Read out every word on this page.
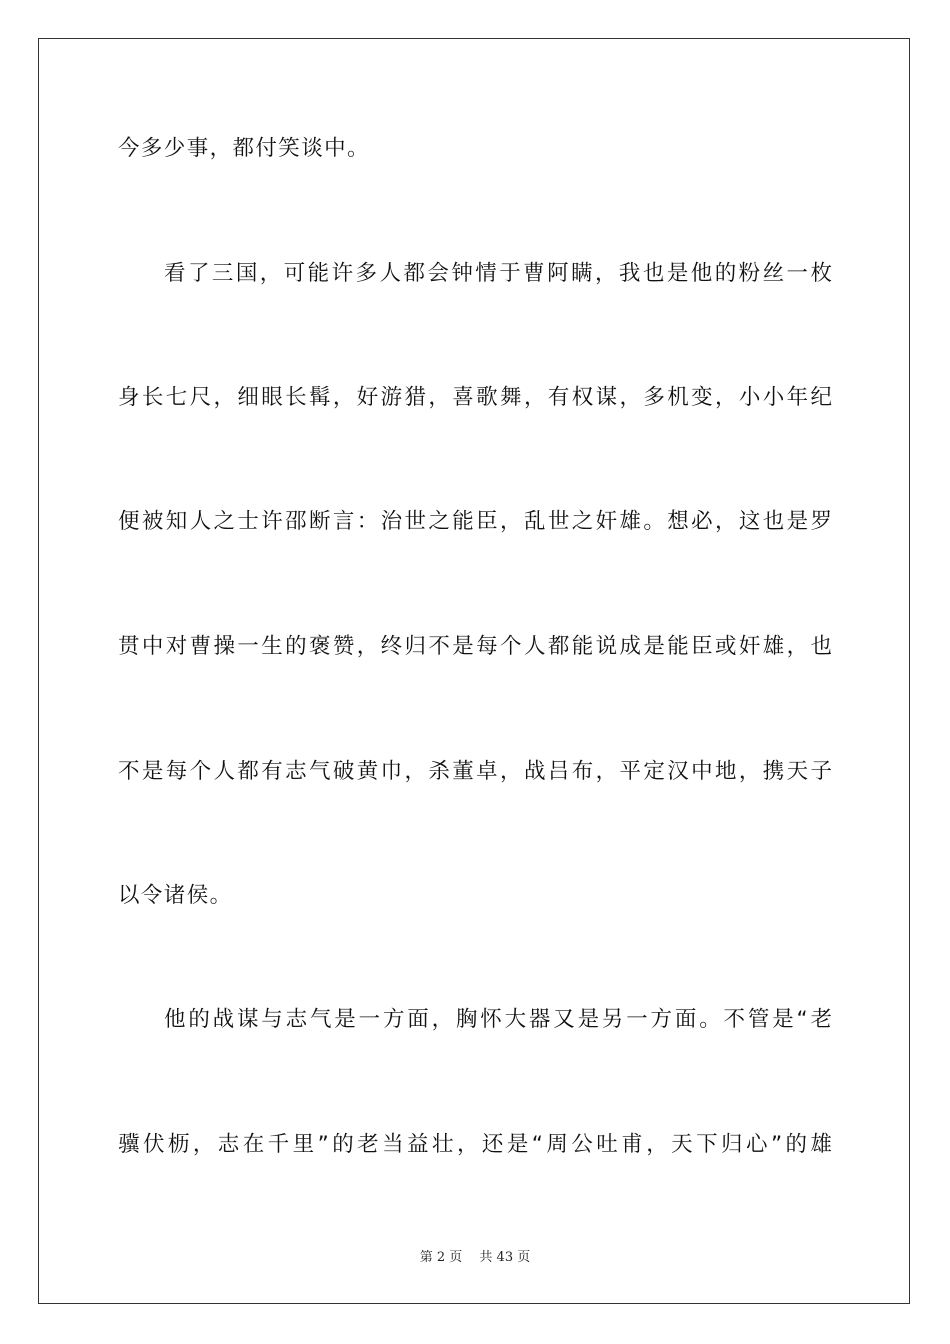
今多少事，都付笑谈中。
看了三国，可能许多人都会钟情于曹阿瞒，我也是他的粉丝一枚
身长七尺，细眼长髯，好游猎，喜歌舞，有权谋，多机变，小小年纪
便被知人之士许邵断言：治世之能臣，乱世之奸雄。想必，这也是罗
贯中对曹操一生的褒赞，终归不是每个人都能说成是能臣或奸雄，也
不是每个人都有志气破黄巾，杀董卓，战吕布，平定汉中地，携天子
以令诸侯。
他的战谋与志气是一方面，胸怀大器又是另一方面。不管是“老
骥伏枥，志在千里”的老当益壮，还是“周公吐甫，天下归心”的雄
第 2 页　 共 43 页
